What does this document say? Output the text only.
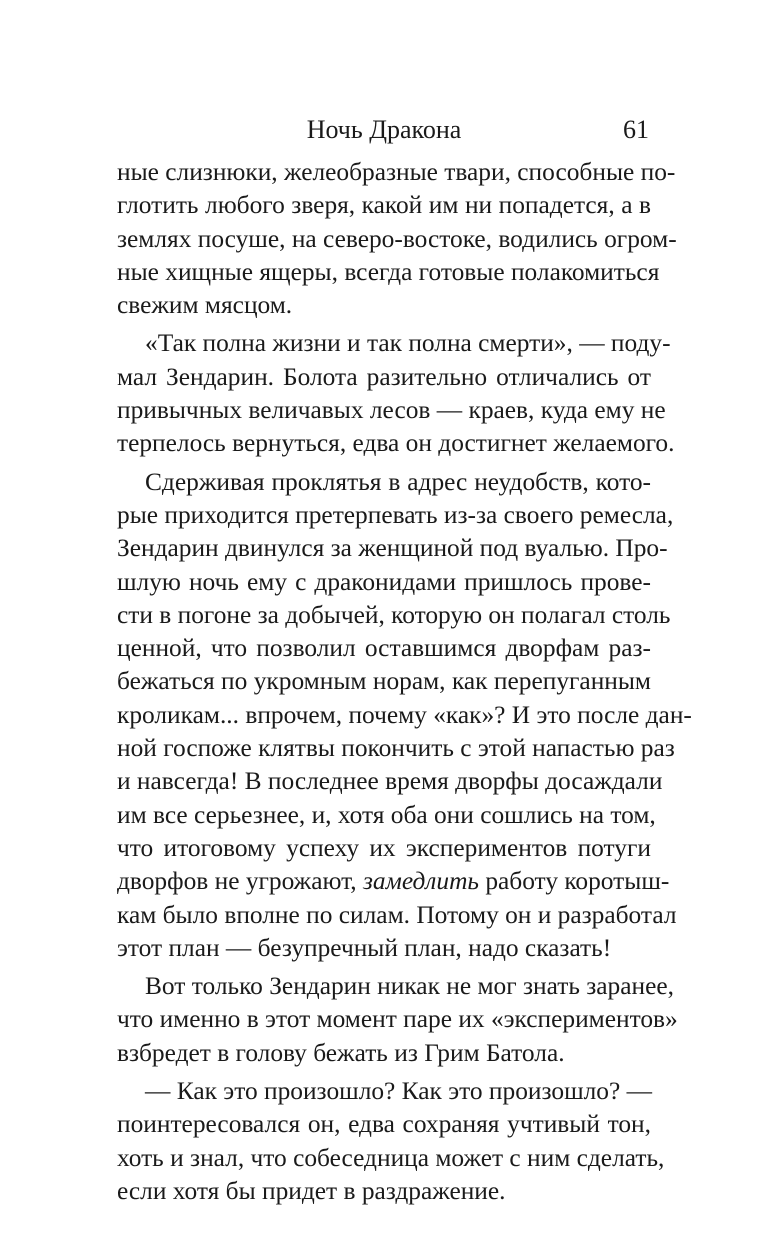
Ночь Дракона	61
ные слизнюки, желеобразные твари, способные по-
глотить любого зверя, какой им ни попадется, а в
землях посуше, на северо-востоке, водились огром-
ные хищные ящеры, всегда готовые полакомиться
свежим мясцом.
«Так полна жизни и так полна смерти», — поду-
мал Зендарин. Болота разительно отличались от
привычных величавых лесов — краев, куда ему не
терпелось вернуться, едва он достигнет желаемого.
Сдерживая проклятья в адрес неудобств, кото-
рые приходится претерпевать из-за своего ремесла,
Зендарин двинулся за женщиной под вуалью. Про-
шлую ночь ему с драконидами пришлось прове-
сти в погоне за добычей, которую он полагал столь
ценной, что позволил оставшимся дворфам раз-
бежаться по укромным норам, как перепуганным
кроликам... впрочем, почему «как»? И это после дан-
ной госпоже клятвы покончить с этой напастью раз
и навсегда! В последнее время дворфы досаждали
им все серьезнее, и, хотя оба они сошлись на том,
что итоговому успеху их экспериментов потуги
дворфов не угрожают, замедлить работу коротыш-
кам было вполне по силам. Потому он и разработал
этот план — безупречный план, надо сказать!
Вот только Зендарин никак не мог знать заранее,
что именно в этот момент паре их «экспериментов»
взбредет в голову бежать из Грим Батола.
— Как это произошло? Как это произошло? —
поинтересовался он, едва сохраняя учтивый тон,
хоть и знал, что собеседница может с ним сделать,
если хотя бы придет в раздражение.
